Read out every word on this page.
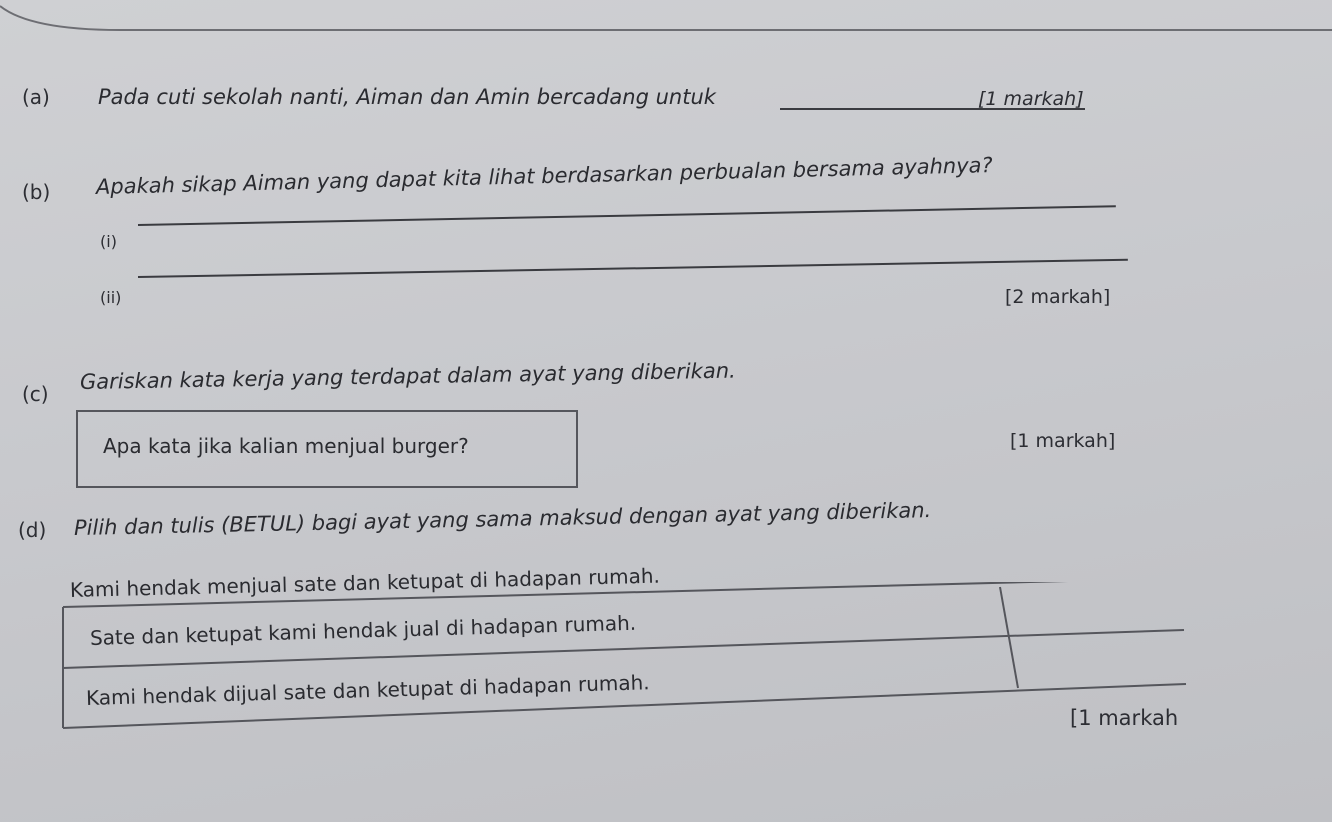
(a) Pada cuti sekolah nanti, Aiman dan Amin bercadang untuk	[1 markah]
(b) Apakah sikap Aiman yang dapat kita lihat berdasarkan perbualan bersama ayahnya?
(i)
(ii)	[2 markah]
(c)
Gariskan kata kerja yang terdapat dalam ayat yang diberikan.
Apa kata jika kalian menjual burger?	[1 markah]
(d) Pilih dan tulis (BETUL) bagi ayat yang sama maksud dengan ayat yang diberikan.
Kami hendak menjual sate dan ketupat di hadapan rumah.
Sate dan ketupat kami hendak jual di hadapan rumah.
Kami hendak dijual sate dan ketupat di hadapan rumah.
[1 markah
